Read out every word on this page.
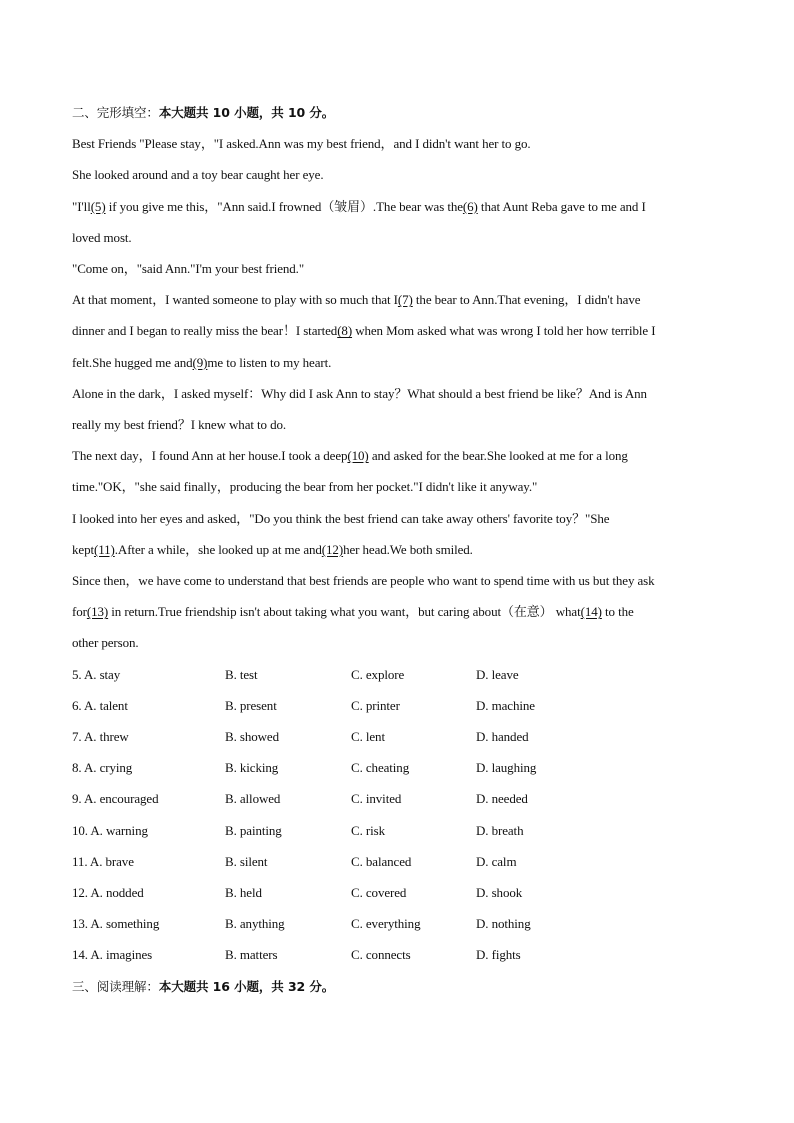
二、完形填空：本大题共 10 小题，共 10 分。
Best Friends "Please stay，"I asked.Ann was my best friend，and I didn't want her to go.
She looked around and a toy bear caught her eye.
"I'll(5) if you give me this，"Ann said.I frowned（皱眉）.The bear was the(6) that Aunt Reba gave to me and I
loved most.
"Come on，"said Ann."I'm your best friend."
At that moment，I wanted someone to play with so much that I(7) the bear to Ann.That evening，I didn't have
dinner and I began to really miss the bear！I started(8) when Mom asked what was wrong I told her how terrible I
felt.She hugged me and(9)me to listen to my heart.
Alone in the dark，I asked myself：Why did I ask Ann to stay？What should a best friend be like？And is Ann
really my best friend？I knew what to do.
The next day，I found Ann at her house.I took a deep(10) and asked for the bear.She looked at me for a long
time."OK，"she said finally，producing the bear from her pocket."I didn't like it anyway."
I looked into her eyes and asked，"Do you think the best friend can take away others' favorite toy？"She
kept(11).After a while，she looked up at me and(12)her head.We both smiled.
Since then，we have come to understand that best friends are people who want to spend time with us but they ask
for(13) in return.True friendship isn't about taking what you want，but caring about（在意） what(14) to the
other person.
5. A. stay	B. test	C. explore	D. leave
6. A. talent	B. present	C. printer	D. machine
7. A. threw	B. showed	C. lent	D. handed
8. A. crying	B. kicking	C. cheating	D. laughing
9. A. encouraged	B. allowed	C. invited	D. needed
10. A. warning	B. painting	C. risk	D. breath
11. A. brave	B. silent	C. balanced	D. calm
12. A. nodded	B. held	C. covered	D. shook
13. A. something	B. anything	C. everything	D. nothing
14. A. imagines	B. matters	C. connects	D. fights
三、阅读理解：本大题共 16 小题，共 32 分。
